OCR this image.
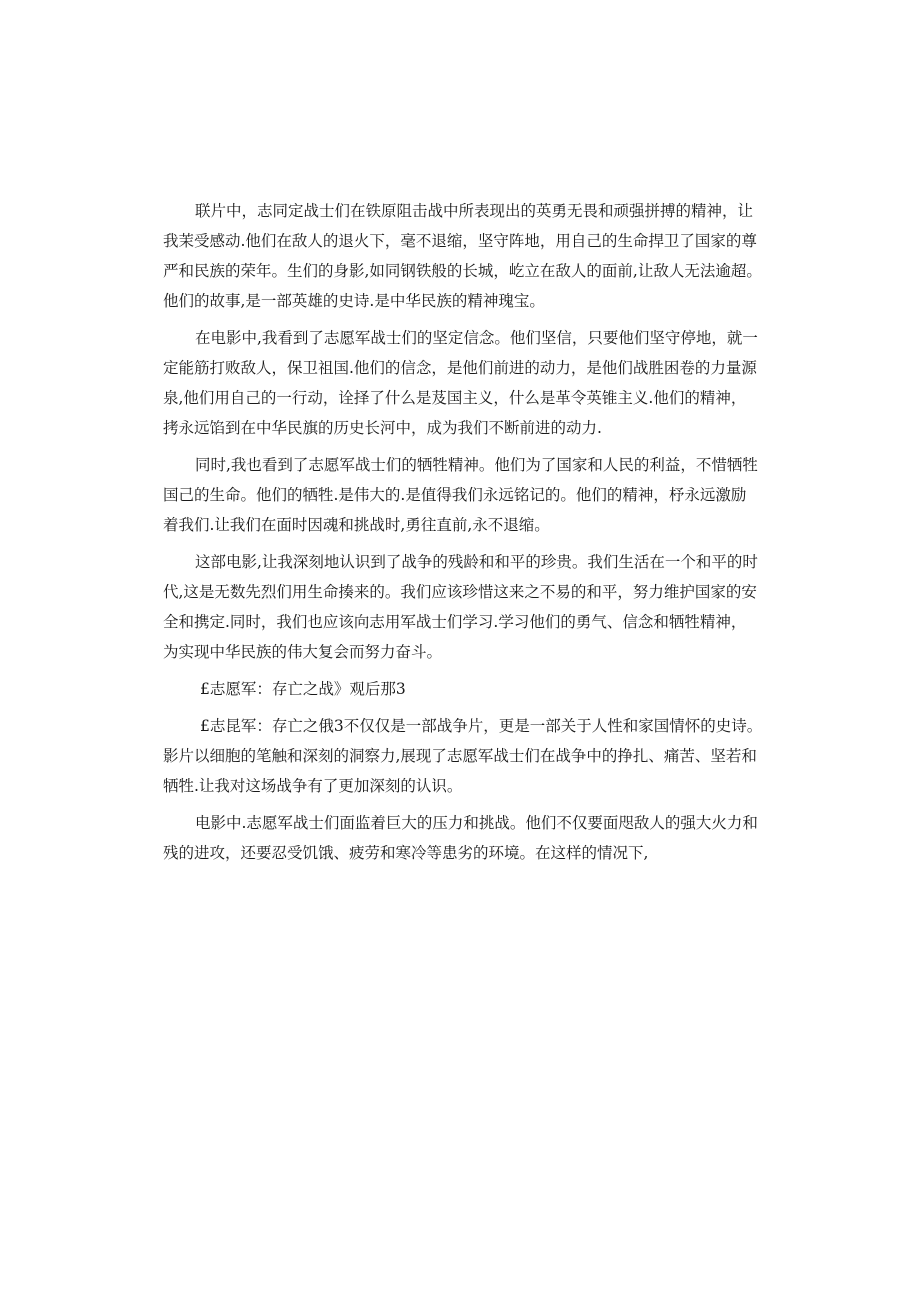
联片中，志同定战士们在铁原阻击战中所表现出的英勇无畏和顽强拼搏的精神，让
我茉受感动.他们在敌人的退火下，毫不退缩，坚守阵地，用自己的生命捍卫了国家的尊
严和民族的荣年。生们的身影,如同钢铁般的长城，屹立在敌人的面前,让敌人无法逾超。
他们的故事,是一部英雄的史诗.是中华民族的精神瑰宝。
在电影中,我看到了志愿军战士们的坚定信念。他们坚信，只要他们坚守停地，就一
定能筋打败敌人，保卫祖国.他们的信念，是他们前进的动力，是他们战胜困卷的力量源
泉,他们用自己的一行动，诠择了什么是芨国主义，什么是革令英锥主义.他们的精神，
拷永远馅到在中华民旗的历史长河中，成为我们不断前进的动力.
同时,我也看到了志愿军战士们的牺牲精神。他们为了国家和人民的利益，不惜牺牲
国己的生命。他们的牺牲.是伟大的.是值得我们永远铭记的。他们的精神，杼永远激励
着我们.让我们在面时因魂和挑战时,勇往直前,永不退缩。
这部电影,让我深刻地认识到了战争的残龄和和平的珍贵。我们生活在一个和平的时
代,这是无数先烈们用生命揍来的。我们应该珍惜这来之不易的和平，努力维护国家的安
全和携定.同时，我们也应该向志用军战士们学习.学习他们的勇气、信念和牺牲精神，
为实现中华民族的伟大复会而努力奋斗。
£志愿军：存亡之战》观后那3
£志昆军：存亡之俄3不仅仅是一部战争片，更是一部关于人性和家国情怀的史诗。
影片以细胞的笔触和深刻的洞察力,展现了志愿军战士们在战争中的挣扎、痛苦、坚若和
牺牲.让我对这场战争有了更加深刻的认识。
电影中.志愿军战士们面监着巨大的压力和挑战。他们不仅要面咫敌人的强大火力和
残的进攻，还要忍受饥饿、疲劳和寒冷等患劣的环境。在这样的情况下,
